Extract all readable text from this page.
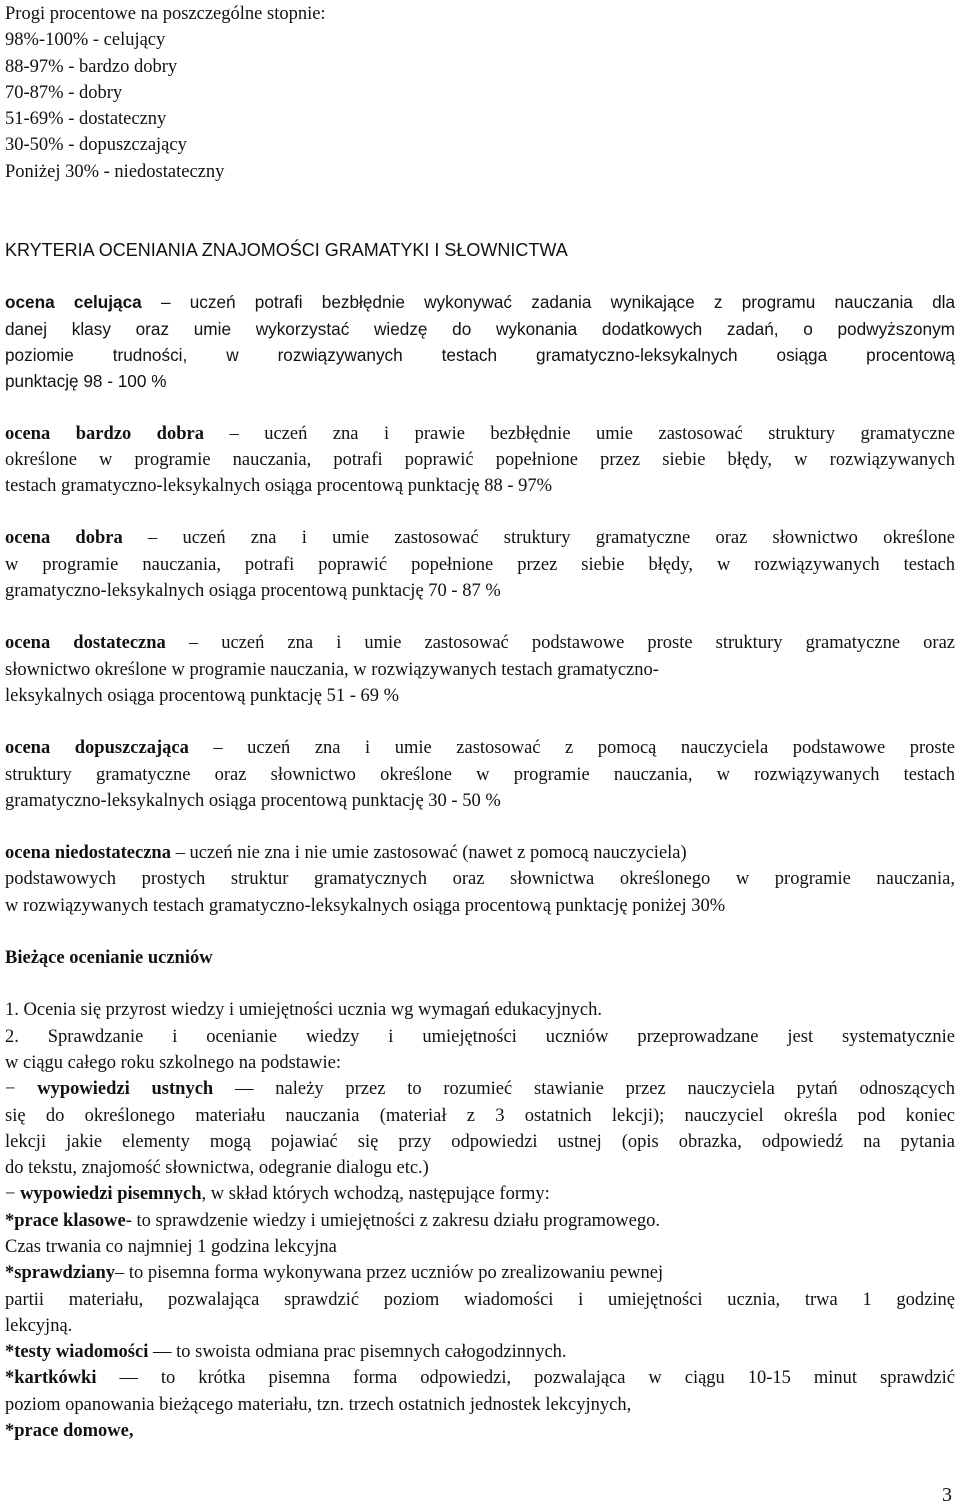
Progi procentowe na poszczególne stopnie:
98%-100% - celujący
88-97% - bardzo dobry
70-87% - dobry
51-69% - dostateczny
30-50% - dopuszczający
Poniżej 30% - niedostateczny
KRYTERIA OCENIANIA ZNAJOMOŚCI GRAMATYKI I SŁOWNICTWA
ocena celująca – uczeń potrafi bezbłędnie wykonywać zadania wynikające z programu nauczania dla
danej klasy oraz umie wykorzystać wiedzę do wykonania dodatkowych zadań, o podwyższonym
poziomie trudności, w rozwiązywanych testach gramatyczno-leksykalnych osiąga procentową
punktację 98 - 100 %
ocena bardzo dobra – uczeń zna i prawie bezbłędnie umie zastosować struktury gramatyczne
określone w programie nauczania, potrafi poprawić popełnione przez siebie błędy, w rozwiązywanych
testach gramatyczno-leksykalnych osiąga procentową punktację 88 - 97%
ocena dobra – uczeń zna i umie zastosować struktury gramatyczne oraz słownictwo określone
w programie nauczania, potrafi poprawić popełnione przez siebie błędy, w rozwiązywanych testach
gramatyczno-leksykalnych osiąga procentową punktację 70 - 87 %
ocena dostateczna – uczeń zna i umie zastosować podstawowe proste struktury gramatyczne oraz
słownictwo określone w programie nauczania, w rozwiązywanych testach gramatyczno-
leksykalnych osiąga procentową punktację 51 - 69 %
ocena dopuszczająca – uczeń zna i umie zastosować z pomocą nauczyciela podstawowe proste
struktury gramatyczne oraz słownictwo określone w programie nauczania, w rozwiązywanych testach
gramatyczno-leksykalnych osiąga procentową punktację 30 - 50 %
ocena niedostateczna – uczeń nie zna i nie umie zastosować (nawet z pomocą nauczyciela)
podstawowych prostych struktur gramatycznych oraz słownictwa określonego w programie nauczania,
w rozwiązywanych testach gramatyczno-leksykalnych osiąga procentową punktację poniżej 30%
Bieżące ocenianie uczniów
1. Ocenia się przyrost wiedzy i umiejętności ucznia wg wymagań edukacyjnych.
2. Sprawdzanie i ocenianie wiedzy i umiejętności uczniów przeprowadzane jest systematycznie
w ciągu całego roku szkolnego na podstawie:
− wypowiedzi ustnych — należy przez to rozumieć stawianie przez nauczyciela pytań odnoszących
się do określonego materiału nauczania (materiał z 3 ostatnich lekcji); nauczyciel określa pod koniec
lekcji jakie elementy mogą pojawiać się przy odpowiedzi ustnej (opis obrazka, odpowiedź na pytania
do tekstu, znajomość słownictwa, odegranie dialogu etc.)
− wypowiedzi pisemnych, w skład których wchodzą, następujące formy:
*prace klasowe- to sprawdzenie wiedzy i umiejętności z zakresu działu programowego.
Czas trwania co najmniej 1 godzina lekcyjna
*sprawdziany– to pisemna forma wykonywana przez uczniów po zrealizowaniu pewnej
partii materiału, pozwalająca sprawdzić poziom wiadomości i umiejętności ucznia, trwa 1 godzinę
lekcyjną.
*testy wiadomości — to swoista odmiana prac pisemnych całogodzinnych.
*kartkówki — to krótka pisemna forma odpowiedzi, pozwalająca w ciągu 10-15 minut sprawdzić
poziom opanowania bieżącego materiału, tzn. trzech ostatnich jednostek lekcyjnych,
*prace domowe,
3
